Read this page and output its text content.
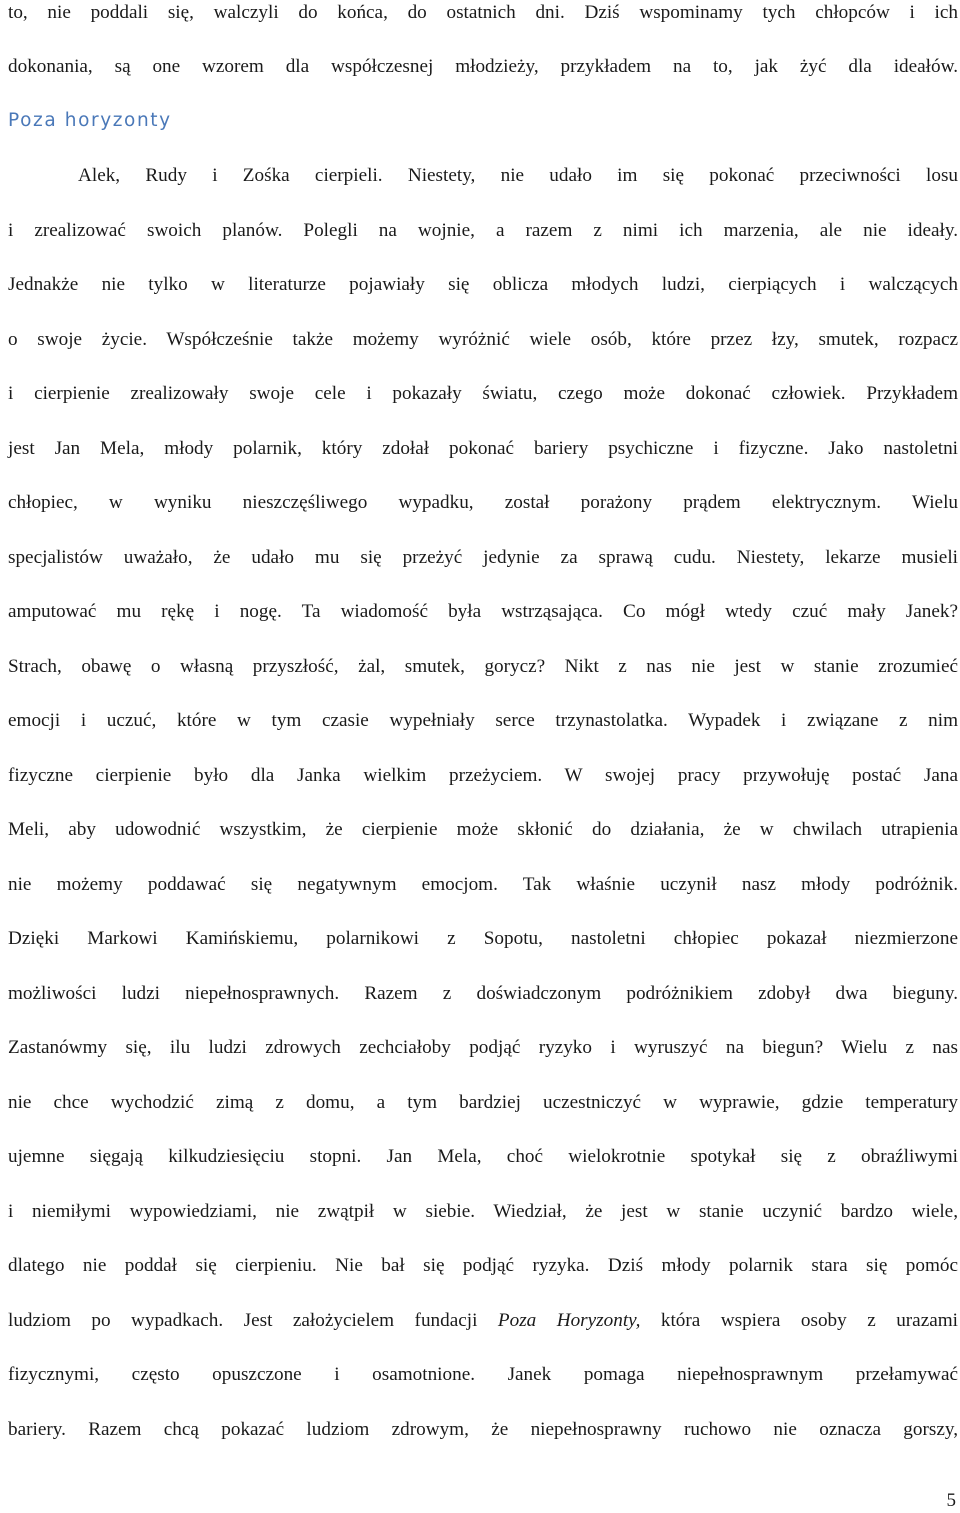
to, nie poddali się, walczyli do końca, do ostatnich dni. Dziś wspominamy tych chłopców i ich
dokonania, są one wzorem dla współczesnej młodzieży, przykładem na to, jak żyć dla ideałów.
Poza horyzonty
Alek, Rudy i Zośka cierpieli. Niestety, nie udało im się pokonać przeciwności losu
i zrealizować swoich planów. Polegli na wojnie, a razem z nimi ich marzenia, ale nie ideały.
Jednakże nie tylko w literaturze pojawiały się oblicza młodych ludzi, cierpiących i walczących
o swoje życie. Współcześnie także możemy wyróżnić wiele osób, które przez łzy, smutek, rozpacz
i cierpienie zrealizowały swoje cele i pokazały światu, czego może dokonać człowiek. Przykładem
jest Jan Mela, młody polarnik, który zdołał pokonać bariery psychiczne i fizyczne. Jako nastoletni
chłopiec, w wyniku nieszczęśliwego wypadku, został porażony prądem elektrycznym. Wielu
specjalistów uważało, że udało mu się przeżyć jedynie za sprawą cudu. Niestety, lekarze musieli
amputować mu rękę i nogę. Ta wiadomość była wstrząsająca. Co mógł wtedy czuć mały Janek?
Strach, obawę o własną przyszłość, żal, smutek, gorycz? Nikt z nas nie jest w stanie zrozumieć
emocji i uczuć, które w tym czasie wypełniały serce trzynastolatka. Wypadek i związane z nim
fizyczne cierpienie było dla Janka wielkim przeżyciem. W swojej pracy przywołuję postać Jana
Meli, aby udowodnić wszystkim, że cierpienie może skłonić do działania, że w chwilach utrapienia
nie możemy poddawać się negatywnym emocjom. Tak właśnie uczynił nasz młody podróżnik.
Dzięki Markowi Kamińskiemu, polarnikowi z Sopotu, nastoletni chłopiec pokazał niezmierzone
możliwości ludzi niepełnosprawnych. Razem z doświadczonym podróżnikiem zdobył dwa bieguny.
Zastanówmy się, ilu ludzi zdrowych zechciałoby podjąć ryzyko i wyruszyć na biegun? Wielu z nas
nie chce wychodzić zimą z domu, a tym bardziej uczestniczyć w wyprawie, gdzie temperatury
ujemne sięgają kilkudziesięciu stopni. Jan Mela, choć wielokrotnie spotykał się z obraźliwymi
i niemiłymi wypowiedziami, nie zwątpił w siebie. Wiedział, że jest w stanie uczynić bardzo wiele,
dlatego nie poddał się cierpieniu. Nie bał się podjąć ryzyka. Dziś młody polarnik stara się pomóc
ludziom po wypadkach. Jest założycielem fundacji Poza Horyzonty, która wspiera osoby z urazami
fizycznymi, często opuszczone i osamotnione. Janek pomaga niepełnosprawnym przełamywać
bariery. Razem chcą pokazać ludziom zdrowym, że niepełnosprawny ruchowo nie oznacza gorszy,
5
